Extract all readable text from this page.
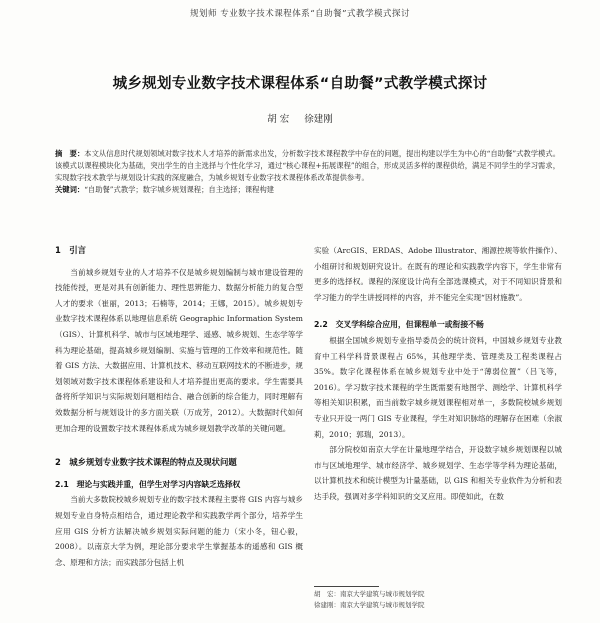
规划师 专业数字技术课程体系“自助餐”式教学模式探讨
城乡规划专业数字技术课程体系“自助餐”式教学模式探讨
胡 宏 徐建刚
摘　要：本文从信息时代规划领域对数字技术人才培养的新需求出发，分析数字技术课程教学中存在的问题，提出构建以学生为中心的“自助餐”式教学模式。该模式以课程模块化为基础，突出学生的自主选择与个性化学习，通过“核心课程+拓展课程”的组合，形成灵活多样的课程供给，满足不同学生的学习需求，实现数字技术教学与规划设计实践的深度融合，为城乡规划专业数字技术课程体系改革提供参考。
关键词：“自助餐”式教学；数字城乡规划课程；自主选择；课程构建
1　引言

当前城乡规划专业的人才培养不仅是城乡规划编制与城市建设管理的技能传授，更是对具有创新能力、理性思辨能力、数据分析能力的复合型人才的要求（崔丽，2013；石楠等，2014；王娜，2015）。城乡规划专业数字技术课程体系以地理信息系统 Geographic Information System（GIS）、计算机科学、城市与区域地理学、遥感、城乡规划、生态学等学科为理论基础，提高城乡规划编制、实施与管理的工作效率和规范性。随着 GIS 方法、大数据应用、计算机技术、移动互联网技术的不断进步，规划领域对数字技术课程体系建设和人才培养提出更高的要求。学生需要具备将所学知识与实际规划问题相结合、融合创新的综合能力，同时理解有效数据分析与规划设计的多方面关联（万成芳，2012）。大数据时代如何更加合理的设置数字技术课程体系成为城乡规划教学改革的关键问题。

2　城乡规划专业数字技术课程的特点及现状问题
2.1　理论与实践并重，但学生对学习内容缺乏选择权

当前大多数院校城乡规划专业的数字技术课程主要将 GIS 内容与城乡规划专业自身特点相结合，通过理论教学和实践教学两个部分，培养学生应用 GIS 分析方法解决城乡规划实际问题的能力（宋小冬，钮心毅，2008）。以南京大学为例，理论部分要求学生掌握基本的遥感和 GIS 概念、原理和方法；而实践部分包括上机

实验（ArcGIS、ERDAS、Adobe Illustrator、湘源控规等软件操作）、小组研讨和规划研究设计。在既有的理论和实践教学内容下，学生非常有更多的选择权。课程的深度设计尚有全部选课模式，对于不同知识背景和学习能力的学生讲授同样的内容，并不能完全实现“因材施教”。

2.2　交叉学科综合应用，但课程单一或衔接不畅

根据全国城乡规划专业指导委员会的统计资料，中国城乡规划专业教育中工科学科背景课程占 65%，其他理学类、管理类及工程类课程占 35%。数字化课程体系在城乡规划专业中处于“薄弱位置”（吕飞等，2016）。学习数字技术课程的学生既需要有地图学、测绘学、计算机科学等相关知识积累，而当前数字城乡规划课程相对单一，多数院校城乡规划专业只开设一两门 GIS 专业课程，学生对知识脉络的理解存在困难（余淑莉，2010；郭瑞，2013）。

部分院校如南京大学在计量地理学结合，开设数字城乡规划课程以城市与区域地理学、城市经济学、城乡规划学、生态学等学科为理论基础，以计算机技术和统计模型为计量基础，以 GIS 和相关专业软件为分析和表达手段，强调对多学科知识的交叉应用。即使如此，在数

胡　宏：南京大学建筑与城市规划学院
徐建刚：南京大学建筑与城市规划学院
